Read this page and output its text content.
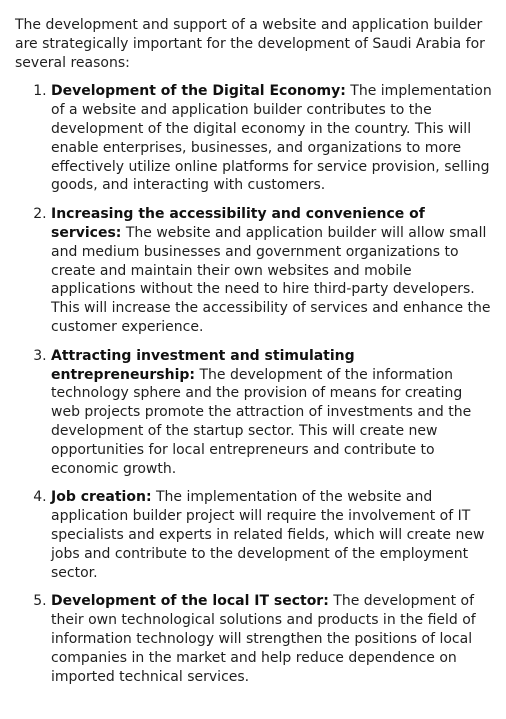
The development and support of a website and application builder are strategically important for the development of Saudi Arabia for several reasons:

1. Development of the Digital Economy: The implementation of a website and application builder contributes to the development of the digital economy in the country. This will enable enterprises, businesses, and organizations to more effectively utilize online platforms for service provision, selling goods, and interacting with customers.
2. Increasing the accessibility and convenience of services: The website and application builder will allow small and medium businesses and government organizations to create and maintain their own websites and mobile applications without the need to hire third-party developers. This will increase the accessibility of services and enhance the customer experience.
3. Attracting investment and stimulating entrepreneurship: The development of the information technology sphere and the provision of means for creating web projects promote the attraction of investments and the development of the startup sector. This will create new opportunities for local entrepreneurs and contribute to economic growth.
4. Job creation: The implementation of the website and application builder project will require the involvement of IT specialists and experts in related fields, which will create new jobs and contribute to the development of the employment sector.
5. Development of the local IT sector: The development of their own technological solutions and products in the field of information technology will strengthen the positions of local companies in the market and help reduce dependence on imported technical services.
